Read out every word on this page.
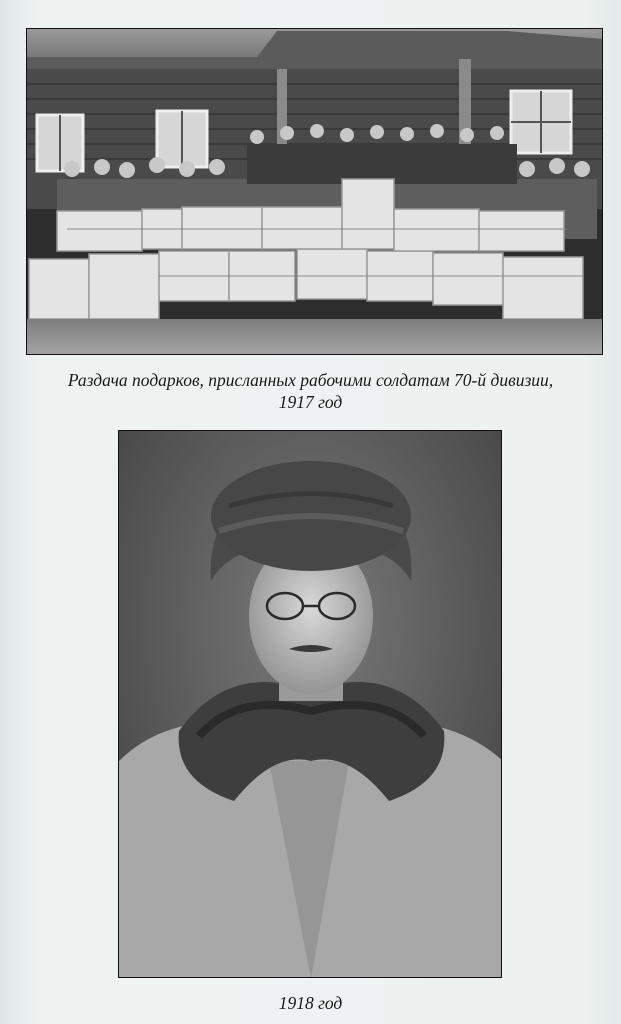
Раздача подарков, присланных рабочими солдатам 70-й дивизии,
1917 год
1918 год
